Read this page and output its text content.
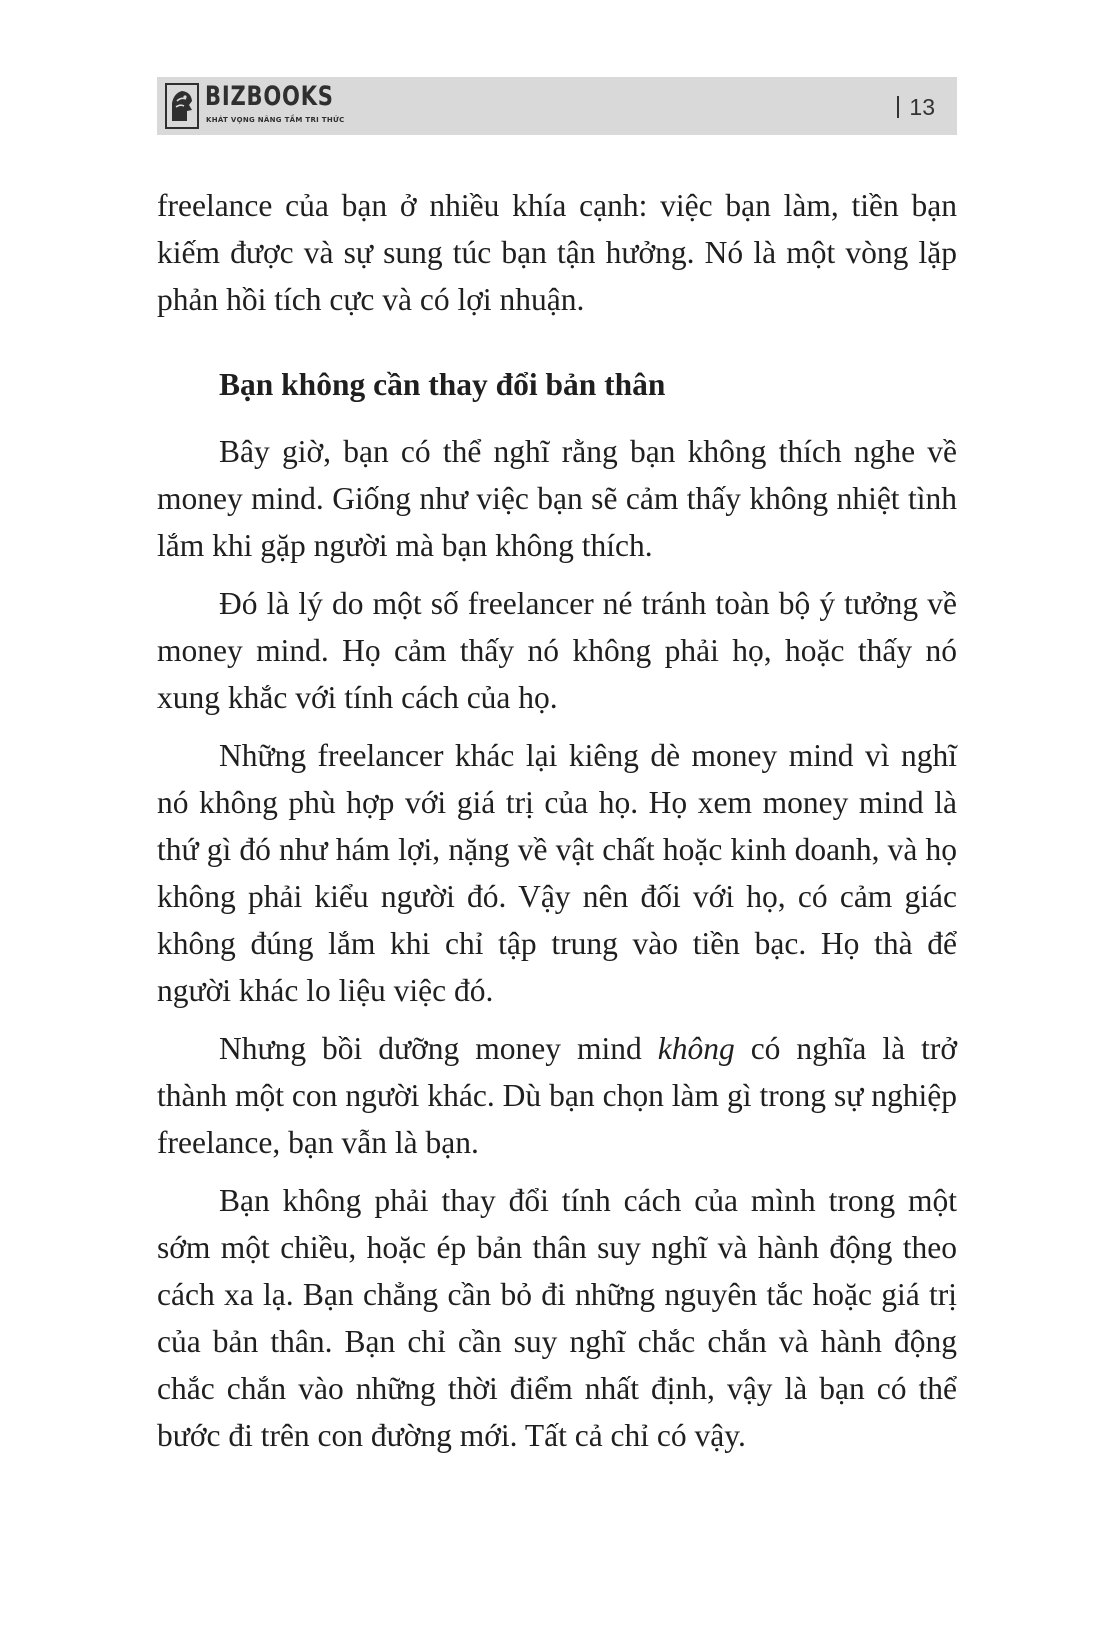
BIZBOOKS
KHÁT VỌNG NÂNG TẦM TRI THỨC	13

freelance của bạn ở nhiều khía cạnh: việc bạn làm, tiền bạn kiếm được và sự sung túc bạn tận hưởng. Nó là một vòng lặp phản hồi tích cực và có lợi nhuận.

Bạn không cần thay đổi bản thân

Bây giờ, bạn có thể nghĩ rằng bạn không thích nghe về money mind. Giống như việc bạn sẽ cảm thấy không nhiệt tình lắm khi gặp người mà bạn không thích.

Đó là lý do một số freelancer né tránh toàn bộ ý tưởng về money mind. Họ cảm thấy nó không phải họ, hoặc thấy nó xung khắc với tính cách của họ.

Những freelancer khác lại kiêng dè money mind vì nghĩ nó không phù hợp với giá trị của họ. Họ xem money mind là thứ gì đó như hám lợi, nặng về vật chất hoặc kinh doanh, và họ không phải kiểu người đó. Vậy nên đối với họ, có cảm giác không đúng lắm khi chỉ tập trung vào tiền bạc. Họ thà để người khác lo liệu việc đó.

Nhưng bồi dưỡng money mind không có nghĩa là trở thành một con người khác. Dù bạn chọn làm gì trong sự nghiệp freelance, bạn vẫn là bạn.

Bạn không phải thay đổi tính cách của mình trong một sớm một chiều, hoặc ép bản thân suy nghĩ và hành động theo cách xa lạ. Bạn chẳng cần bỏ đi những nguyên tắc hoặc giá trị của bản thân. Bạn chỉ cần suy nghĩ chắc chắn và hành động chắc chắn vào những thời điểm nhất định, vậy là bạn có thể bước đi trên con đường mới. Tất cả chỉ có vậy.
